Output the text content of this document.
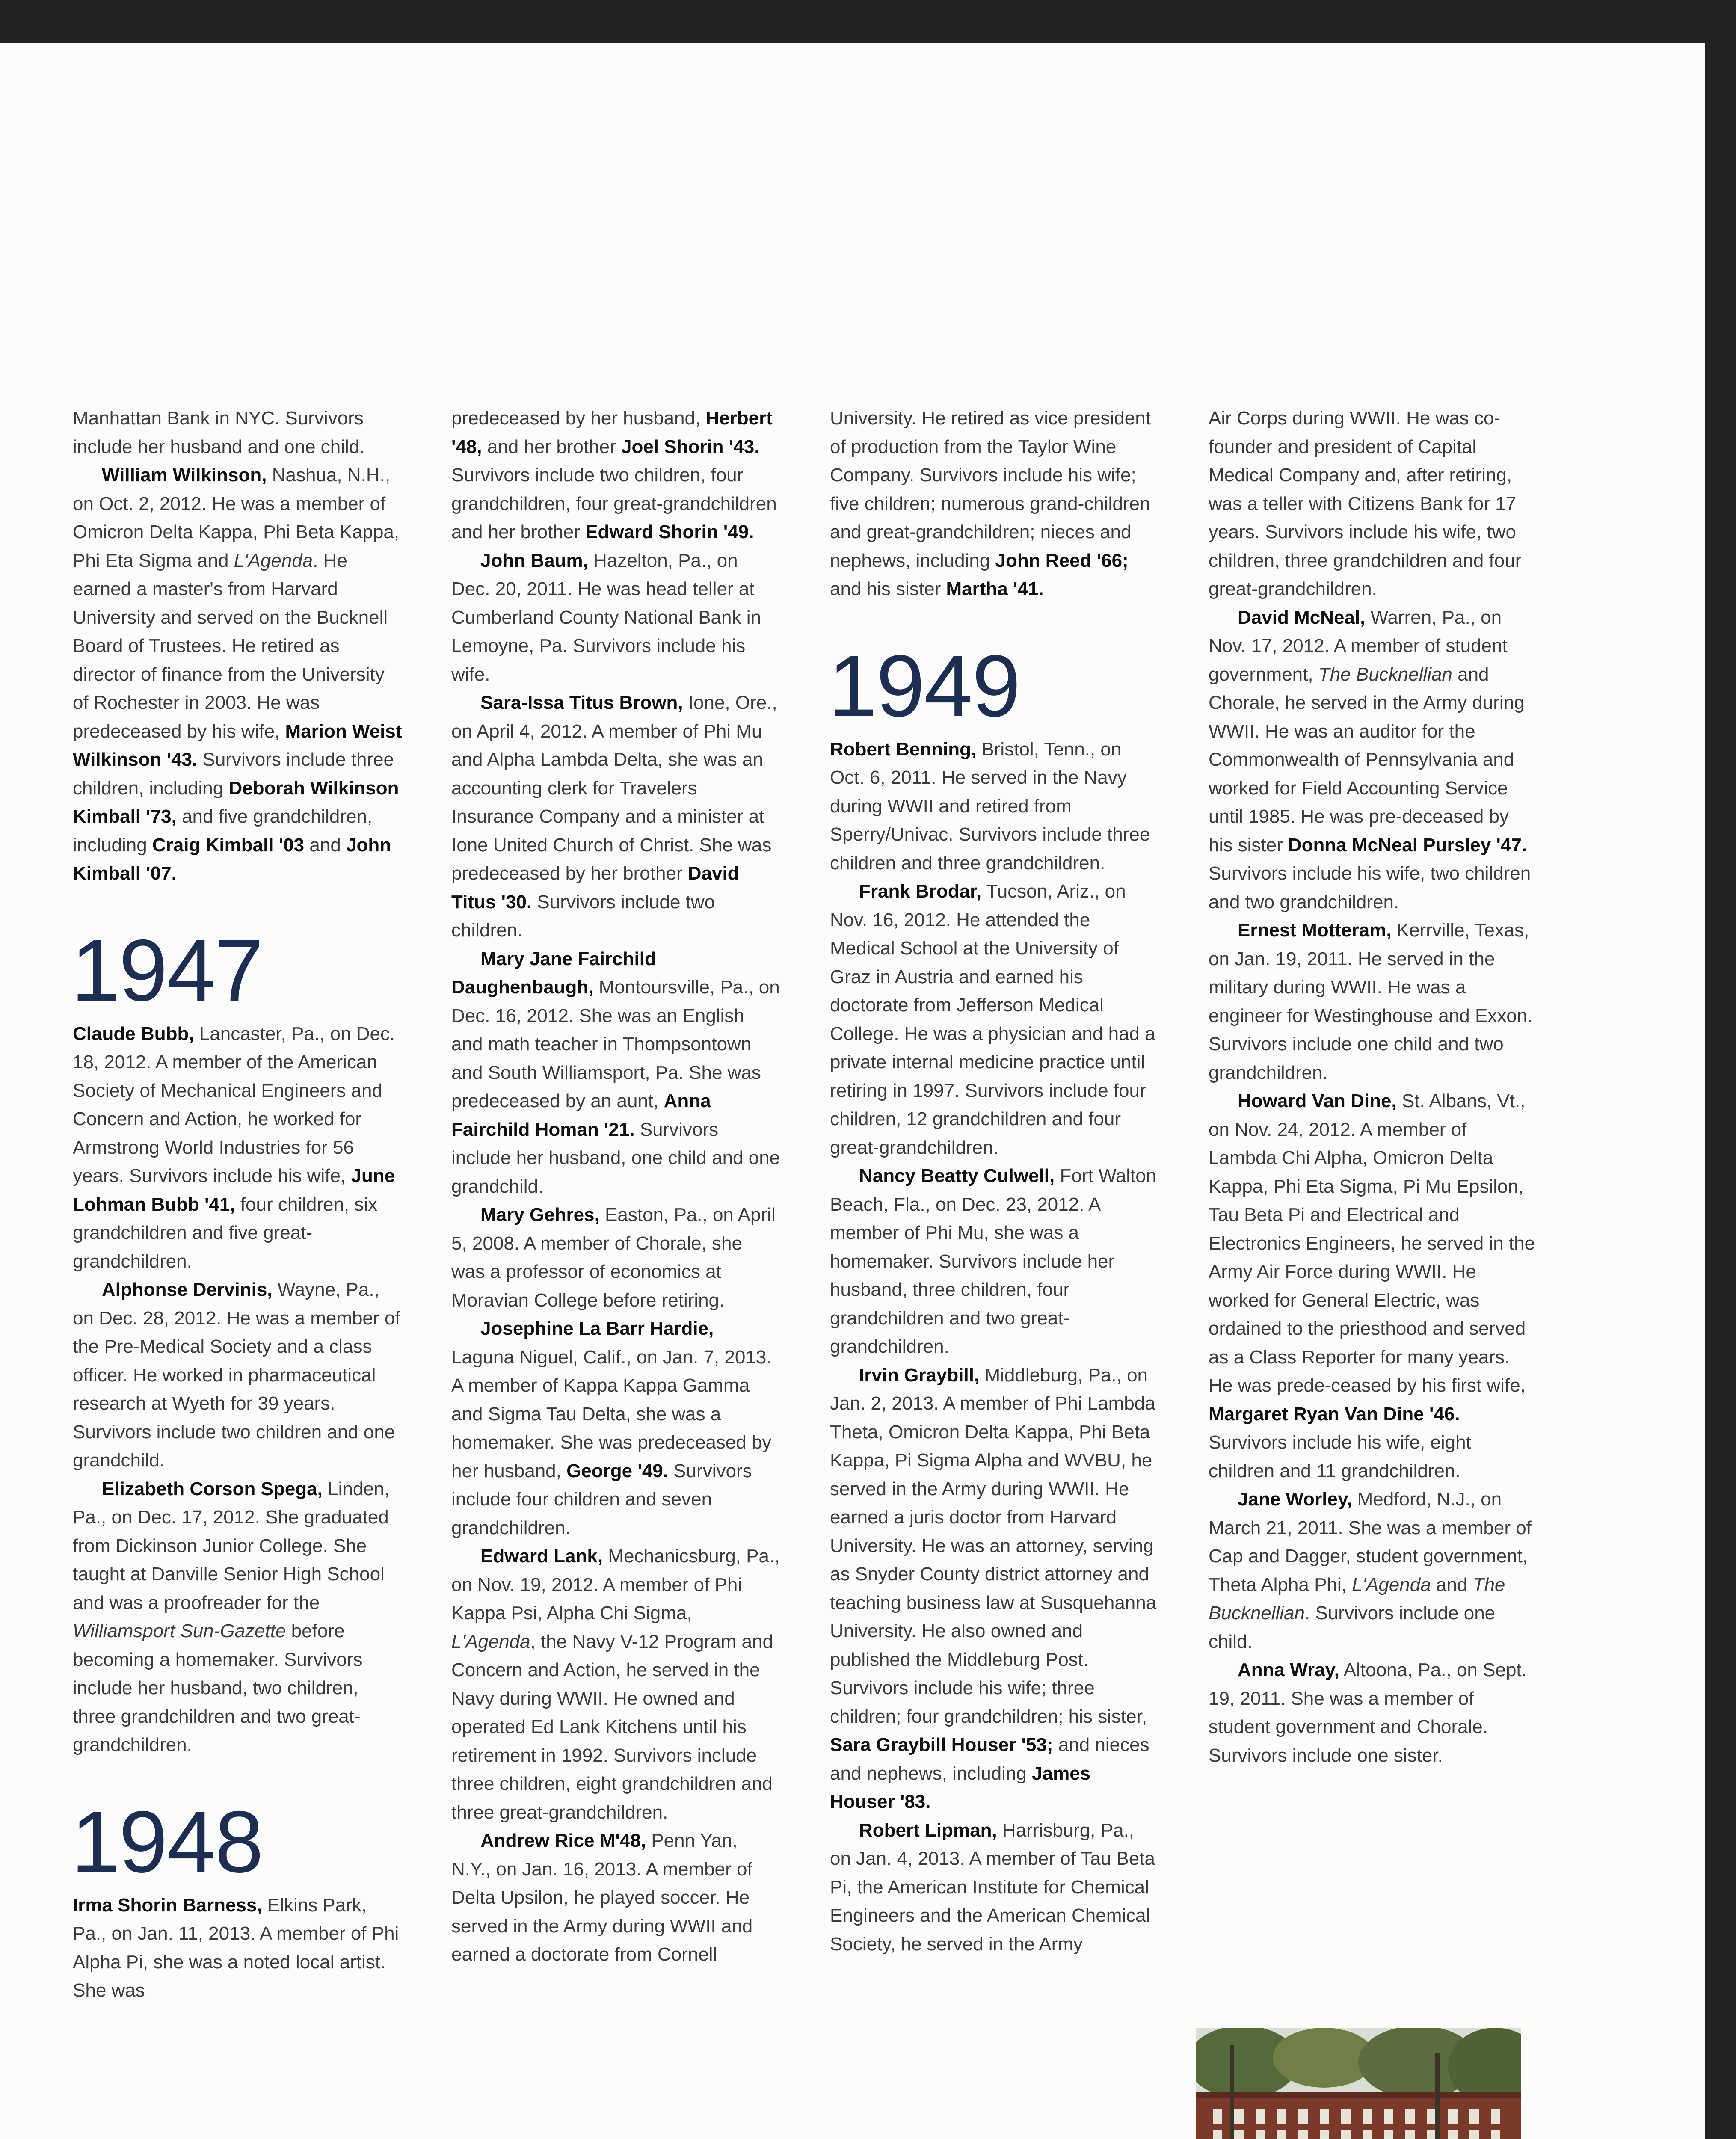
Manhattan Bank in NYC. Survivors include her husband and one child.

William Wilkinson, Nashua, N.H., on Oct. 2, 2012. He was a member of Omicron Delta Kappa, Phi Beta Kappa, Phi Eta Sigma and L'Agenda. He earned a master's from Harvard University and served on the Bucknell Board of Trustees. He retired as director of finance from the University of Rochester in 2003. He was predeceased by his wife, Marion Weist Wilkinson '43. Survivors include three children, including Deborah Wilkinson Kimball '73, and five grandchildren, including Craig Kimball '03 and John Kimball '07.

1947

Claude Bubb, Lancaster, Pa., on Dec. 18, 2012. A member of the American Society of Mechanical Engineers and Concern and Action, he worked for Armstrong World Industries for 56 years. Survivors include his wife, June Lohman Bubb '41, four children, six grandchildren and five great-grandchildren.

Alphonse Dervinis, Wayne, Pa., on Dec. 28, 2012. He was a member of the Pre-Medical Society and a class officer. He worked in pharmaceutical research at Wyeth for 39 years. Survivors include two children and one grandchild.

Elizabeth Corson Spega, Linden, Pa., on Dec. 17, 2012. She graduated from Dickinson Junior College. She taught at Danville Senior High School and was a proofreader for the Williamsport Sun-Gazette before becoming a homemaker. Survivors include her husband, two children, three grandchildren and two great-grandchildren.

1948

Irma Shorin Barness, Elkins Park, Pa., on Jan. 11, 2013. A member of Phi Alpha Pi, she was a noted local artist. She was

predeceased by her husband, Herbert '48, and her brother Joel Shorin '43. Survivors include two children, four grandchildren, four great-grandchildren and her brother Edward Shorin '49.

John Baum, Hazelton, Pa., on Dec. 20, 2011. He was head teller at Cumberland County National Bank in Lemoyne, Pa. Survivors include his wife.

Sara-Issa Titus Brown, Ione, Ore., on April 4, 2012. A member of Phi Mu and Alpha Lambda Delta, she was an accounting clerk for Travelers Insurance Company and a minister at Ione United Church of Christ. She was predeceased by her brother David Titus '30. Survivors include two children.

Mary Jane Fairchild Daughenbaugh, Montoursville, Pa., on Dec. 16, 2012. She was an English and math teacher in Thompsontown and South Williamsport, Pa. She was predeceased by an aunt, Anna Fairchild Homan '21. Survivors include her husband, one child and one grandchild.

Mary Gehres, Easton, Pa., on April 5, 2008. A member of Chorale, she was a professor of economics at Moravian College before retiring.

Josephine La Barr Hardie, Laguna Niguel, Calif., on Jan. 7, 2013. A member of Kappa Kappa Gamma and Sigma Tau Delta, she was a homemaker. She was predeceased by her husband, George '49. Survivors include four children and seven grandchildren.

Edward Lank, Mechanicsburg, Pa., on Nov. 19, 2012. A member of Phi Kappa Psi, Alpha Chi Sigma, L'Agenda, the Navy V-12 Program and Concern and Action, he served in the Navy during WWII. He owned and operated Ed Lank Kitchens until his retirement in 1992. Survivors include three children, eight grandchildren and three great-grandchildren.

Andrew Rice M'48, Penn Yan, N.Y., on Jan. 16, 2013. A member of Delta Upsilon, he played soccer. He served in the Army during WWII and earned a doctorate from Cornell

University. He retired as vice president of production from the Taylor Wine Company. Survivors include his wife; five children; numerous grand-children and great-grandchildren; nieces and nephews, including John Reed '66; and his sister Martha '41.

1949

Robert Benning, Bristol, Tenn., on Oct. 6, 2011. He served in the Navy during WWII and retired from Sperry/Univac. Survivors include three children and three grandchildren.

Frank Brodar, Tucson, Ariz., on Nov. 16, 2012. He attended the Medical School at the University of Graz in Austria and earned his doctorate from Jefferson Medical College. He was a physician and had a private internal medicine practice until retiring in 1997. Survivors include four children, 12 grandchildren and four great-grandchildren.

Nancy Beatty Culwell, Fort Walton Beach, Fla., on Dec. 23, 2012. A member of Phi Mu, she was a homemaker. Survivors include her husband, three children, four grandchildren and two great-grandchildren.

Irvin Graybill, Middleburg, Pa., on Jan. 2, 2013. A member of Phi Lambda Theta, Omicron Delta Kappa, Phi Beta Kappa, Pi Sigma Alpha and WVBU, he served in the Army during WWII. He earned a juris doctor from Harvard University. He was an attorney, serving as Snyder County district attorney and teaching business law at Susquehanna University. He also owned and published the Middleburg Post. Survivors include his wife; three children; four grandchildren; his sister, Sara Graybill Houser '53; and nieces and nephews, including James Houser '83.

Robert Lipman, Harrisburg, Pa., on Jan. 4, 2013. A member of Tau Beta Pi, the American Institute for Chemical Engineers and the American Chemical Society, he served in the Army

Air Corps during WWII. He was co-founder and president of Capital Medical Company and, after retiring, was a teller with Citizens Bank for 17 years. Survivors include his wife, two children, three grandchildren and four great-grandchildren.

David McNeal, Warren, Pa., on Nov. 17, 2012. A member of student government, The Bucknellian and Chorale, he served in the Army during WWII. He was an auditor for the Commonwealth of Pennsylvania and worked for Field Accounting Service until 1985. He was pre-deceased by his sister Donna McNeal Pursley '47. Survivors include his wife, two children and two grandchildren.

Ernest Motteram, Kerrville, Texas, on Jan. 19, 2011. He served in the military during WWII. He was a engineer for Westinghouse and Exxon. Survivors include one child and two grandchildren.

Howard Van Dine, St. Albans, Vt., on Nov. 24, 2012. A member of Lambda Chi Alpha, Omicron Delta Kappa, Phi Eta Sigma, Pi Mu Epsilon, Tau Beta Pi and Electrical and Electronics Engineers, he served in the Army Air Force during WWII. He worked for General Electric, was ordained to the priesthood and served as a Class Reporter for many years. He was prede-ceased by his first wife, Margaret Ryan Van Dine '46. Survivors include his wife, eight children and 11 grandchildren.

Jane Worley, Medford, N.J., on March 21, 2011. She was a member of Cap and Dagger, student government, Theta Alpha Phi, L'Agenda and The Bucknellian. Survivors include one child.

Anna Wray, Altoona, Pa., on Sept. 19, 2011. She was a member of student government and Chorale. Survivors include one sister.
